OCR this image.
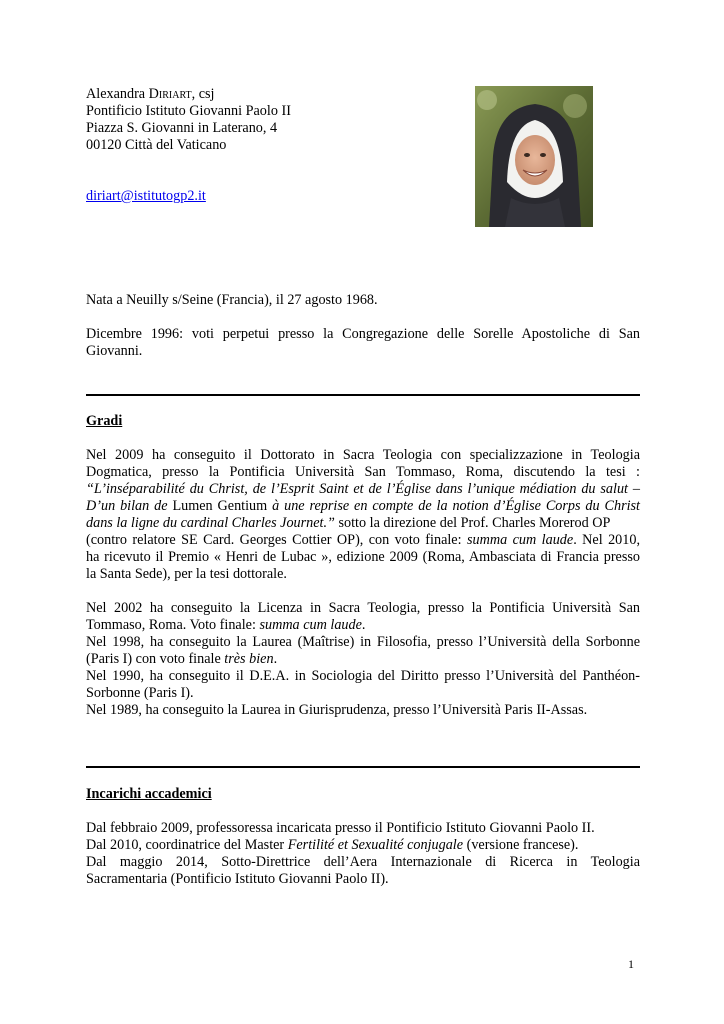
Alexandra Diriart, csj
Pontificio Istituto Giovanni Paolo II
Piazza S. Giovanni in Laterano, 4
00120 Città del Vaticano
diriart@istitutogp2.it
Nata a Neuilly s/Seine (Francia), il 27 agosto 1968.
Dicembre 1996: voti perpetui presso la Congregazione delle Sorelle Apostoliche di San
Giovanni.
Gradi
Nel 2009 ha conseguito il Dottorato in Sacra Teologia con specializzazione in Teologia
Dogmatica, presso la Pontificia Università San Tommaso, Roma, discutendo la tesi :
“L’inséparabilité du Christ, de l’Esprit Saint et de l’Église dans l’unique médiation du salut –
D’un bilan de Lumen Gentium à une reprise en compte de la notion d’Église Corps du Christ
dans la ligne du cardinal Charles Journet.” sotto la direzione del Prof. Charles Morerod OP
(contro relatore SE Card. Georges Cottier OP), con voto finale: summa cum laude. Nel 2010,
ha ricevuto il Premio « Henri de Lubac », edizione 2009 (Roma, Ambasciata di Francia presso
la Santa Sede), per la tesi dottorale.
Nel 2002 ha conseguito la Licenza in Sacra Teologia, presso la Pontificia Università San
Tommaso, Roma. Voto finale: summa cum laude.
Nel 1998, ha conseguito la Laurea (Maîtrise) in Filosofia, presso l’Università della Sorbonne
(Paris I) con voto finale très bien.
Nel 1990, ha conseguito il D.E.A. in Sociologia del Diritto presso l’Università del Panthéon-
Sorbonne (Paris I).
Nel 1989, ha conseguito la Laurea in Giurisprudenza, presso l’Università Paris II-Assas.
Incarichi accademici
Dal febbraio 2009, professoressa incaricata presso il Pontificio Istituto Giovanni Paolo II.
Dal 2010, coordinatrice del Master Fertilité et Sexualité conjugale (versione francese).
Dal maggio 2014, Sotto-Direttrice dell’Aera Internazionale di Ricerca in Teologia
Sacramentaria (Pontificio Istituto Giovanni Paolo II).
1
